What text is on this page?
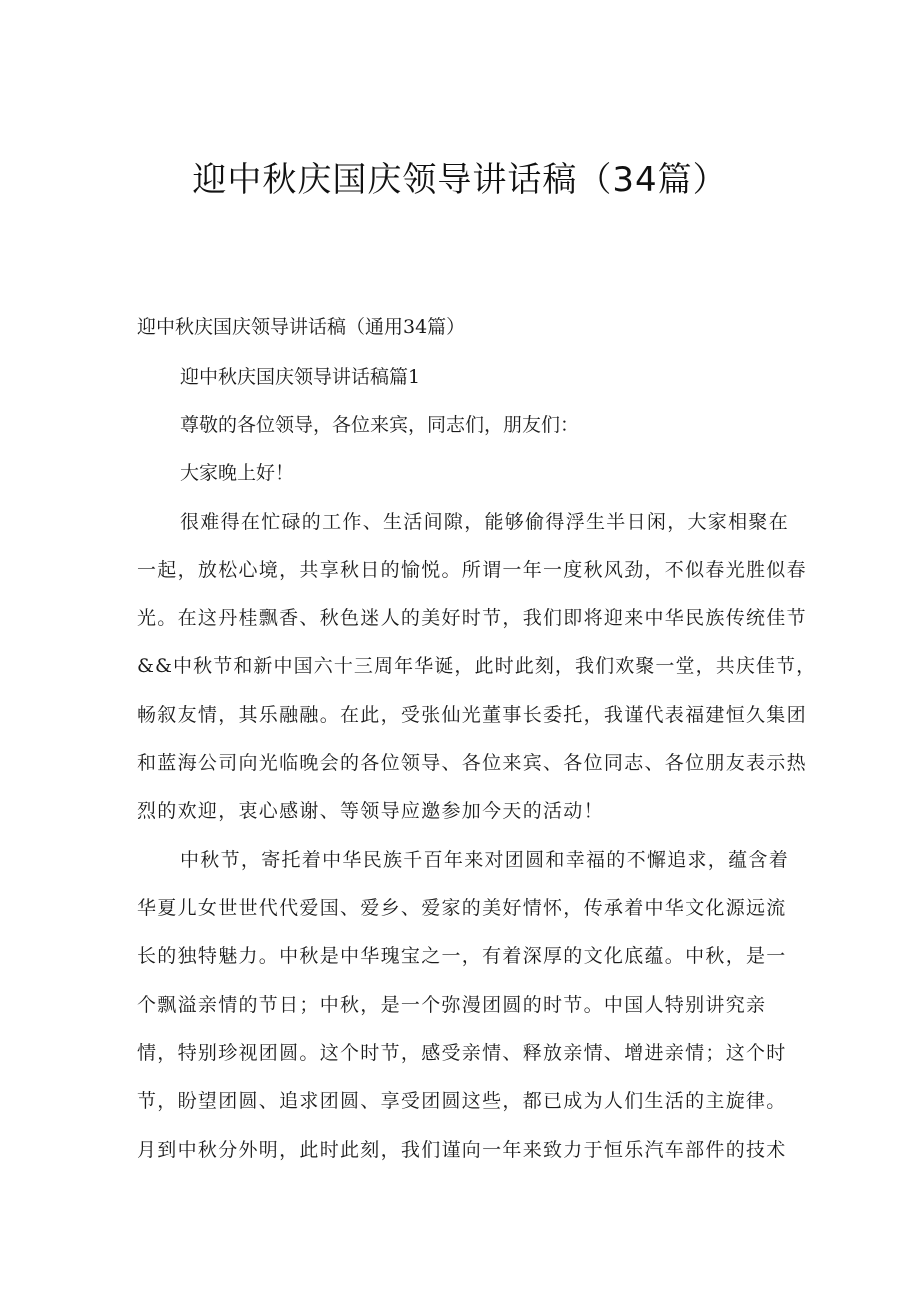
迎中秋庆国庆领导讲话稿（34篇）

迎中秋庆国庆领导讲话稿（通用34篇）

迎中秋庆国庆领导讲话稿篇1

尊敬的各位领导，各位来宾，同志们，朋友们：

大家晚上好！

很难得在忙碌的工作、生活间隙，能够偷得浮生半日闲，大家相聚在

一起，放松心境，共享秋日的愉悦。所谓一年一度秋风劲，不似春光胜似春

光。在这丹桂飘香、秋色迷人的美好时节，我们即将迎来中华民族传统佳节

&&中秋节和新中国六十三周年华诞，此时此刻，我们欢聚一堂，共庆佳节，

畅叙友情，其乐融融。在此，受张仙光董事长委托，我谨代表福建恒久集团

和蓝海公司向光临晚会的各位领导、各位来宾、各位同志、各位朋友表示热

烈的欢迎，衷心感谢、等领导应邀参加今天的活动！

中秋节，寄托着中华民族千百年来对团圆和幸福的不懈追求，蕴含着

华夏儿女世世代代爱国、爱乡、爱家的美好情怀，传承着中华文化源远流

长的独特魅力。中秋是中华瑰宝之一，有着深厚的文化底蕴。中秋，是一

个飘溢亲情的节日；中秋，是一个弥漫团圆的时节。中国人特别讲究亲

情，特别珍视团圆。这个时节，感受亲情、释放亲情、增进亲情；这个时

节，盼望团圆、追求团圆、享受团圆这些，都已成为人们生活的主旋律。

月到中秋分外明，此时此刻，我们谨向一年来致力于恒乐汽车部件的技术
